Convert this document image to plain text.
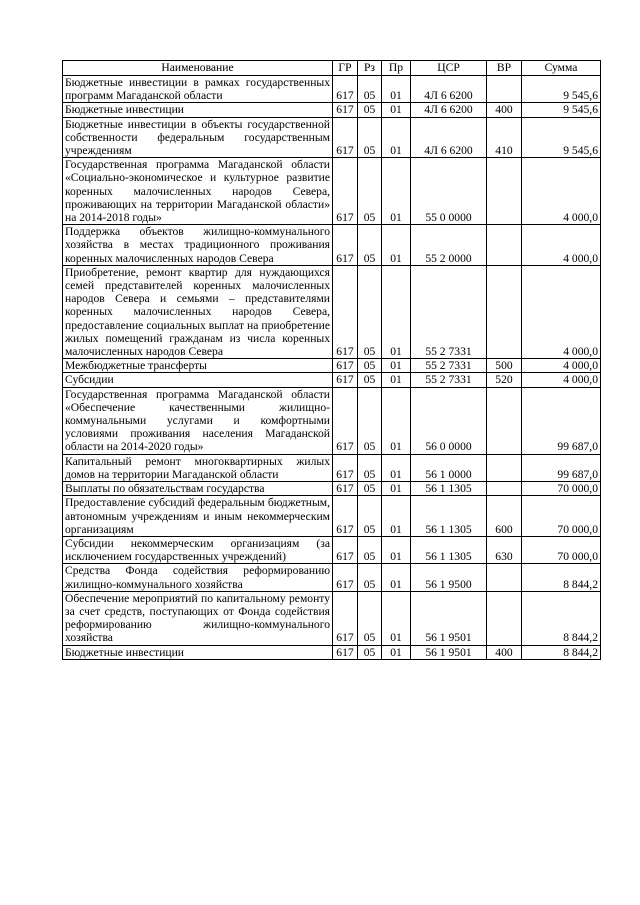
Наименование	ГР	Рз	Пр	ЦСР	ВР	Сумма
Бюджетные инвестиции в рамках государственных программ Магаданской области	617	05	01	4Л 6 6200		9 545,6
Бюджетные инвестиции	617	05	01	4Л 6 6200	400	9 545,6
Бюджетные инвестиции в объекты государственной собственности федеральным государственным учреждениям	617	05	01	4Л 6 6200	410	9 545,6
Государственная программа Магаданской области «Социально-экономическое и культурное развитие коренных малочисленных народов Севера, проживающих на территории Магаданской области» на 2014-2018 годы»	617	05	01	55 0 0000		4 000,0
Поддержка объектов жилищно-коммунального хозяйства в местах традиционного проживания коренных малочисленных народов Севера	617	05	01	55 2 0000		4 000,0
Приобретение, ремонт квартир для нуждающихся семей представителей коренных малочисленных народов Севера и семьями – представителями коренных малочисленных народов Севера, предоставление социальных выплат на приобретение жилых помещений гражданам из числа коренных малочисленных народов Севера	617	05	01	55 2 7331		4 000,0
Межбюджетные трансферты	617	05	01	55 2 7331	500	4 000,0
Субсидии	617	05	01	55 2 7331	520	4 000,0
Государственная программа Магаданской области «Обеспечение качественными жилищно-коммунальными услугами и комфортными условиями проживания населения Магаданской области на 2014-2020 годы»	617	05	01	56 0 0000		99 687,0
Капитальный ремонт многоквартирных жилых домов на территории Магаданской области	617	05	01	56 1 0000		99 687,0
Выплаты по обязательствам государства	617	05	01	56 1 1305		70 000,0
Предоставление субсидий федеральным бюджетным, автономным учреждениям и иным некоммерческим организациям	617	05	01	56 1 1305	600	70 000,0
Субсидии некоммерческим организациям (за исключением государственных учреждений)	617	05	01	56 1 1305	630	70 000,0
Средства Фонда содействия реформированию жилищно-коммунального хозяйства	617	05	01	56 1 9500		8 844,2
Обеспечение мероприятий по капитальному ремонту за счет средств, поступающих от Фонда содействия реформированию жилищно-коммунального хозяйства	617	05	01	56 1 9501		8 844,2
Бюджетные инвестиции	617	05	01	56 1 9501	400	8 844,2
